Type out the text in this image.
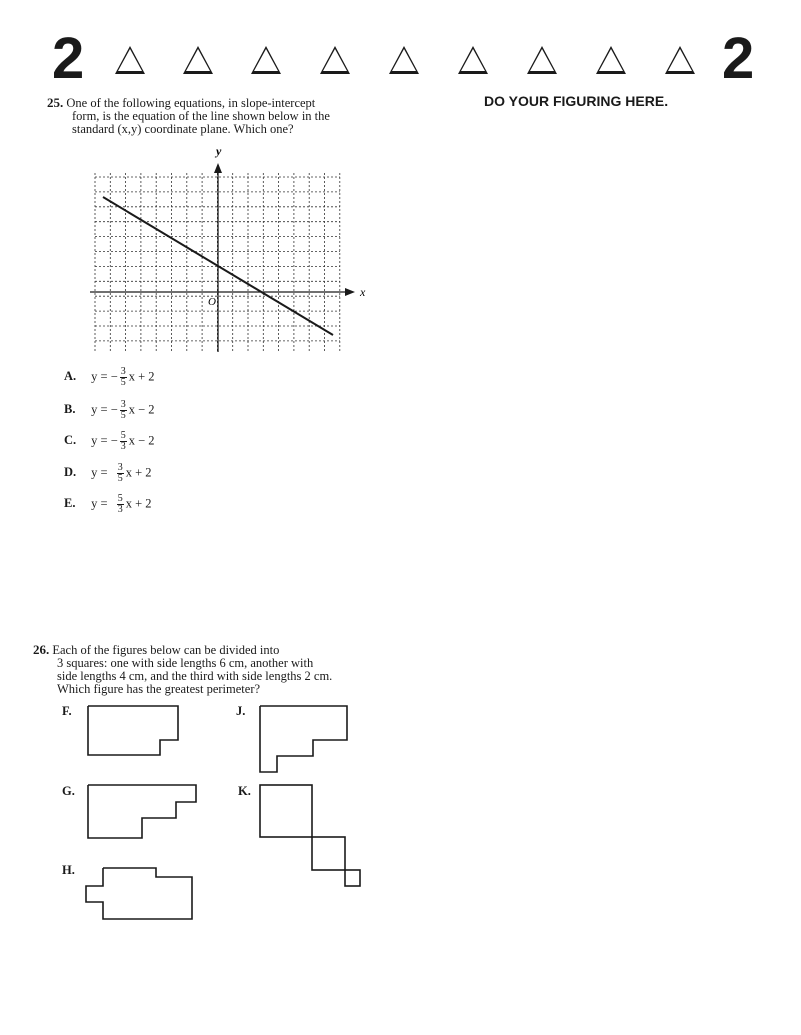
2	2
DO YOUR FIGURING HERE.
25. One of the following equations, in slope-intercept
form, is the equation of the line shown below in the
standard (x,y) coordinate plane. Which one?
y
x
O
A. y = − $\frac{3}{5}$ x + 2
B. y = − $\frac{3}{5}$ x − 2
C. y = − $\frac{5}{3}$ x − 2
D. $y = \frac{3}{5}$ x + 2
E. $y = \frac{5}{3}$ x + 2
26. Each of the figures below can be divided into
3 squares: one with side lengths 6 cm, another with
side lengths 4 cm, and the third with side lengths 2 cm.
Which figure has the greatest perimeter?
F.	J.
G.	K.
H.
